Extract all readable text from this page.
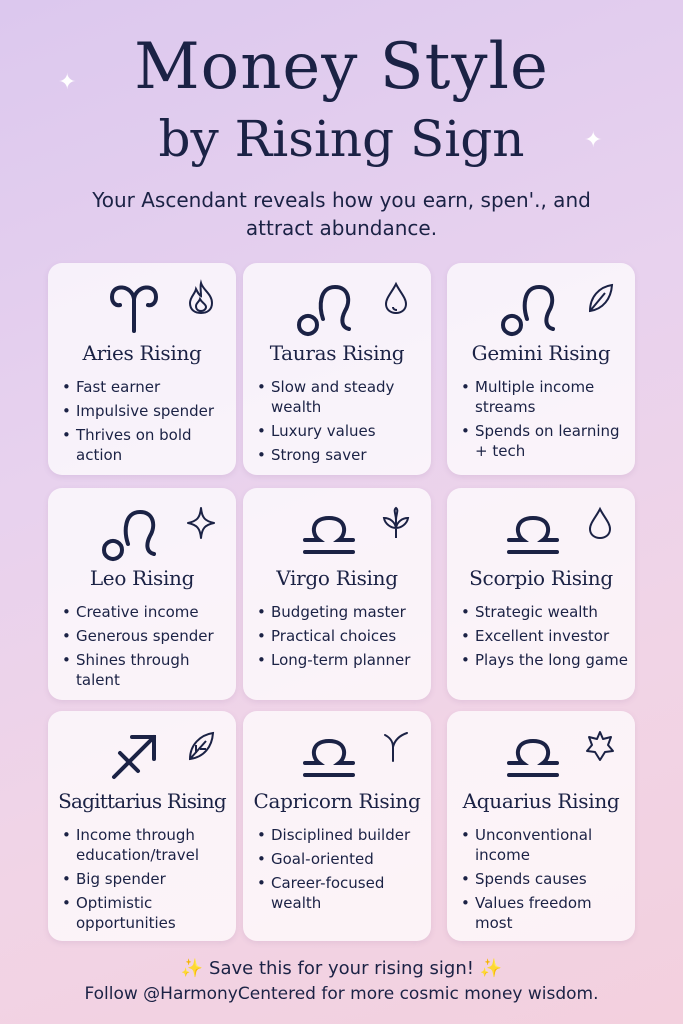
✦
✦
Money Style
by Rising Sign
Your Ascendant reveals how you earn, spen'., and attract abundance.
Aries Rising
• Fast earner
• Impulsive spender
• Thrives on bold action
Tauras Rising
• Slow and steady wealth
• Luxury values
• Strong saver
Gemini Rising
• Multiple income streams
• Spends on learning + tech
Leo Rising
• Creative income
• Generous spender
• Shines through talent
Virgo Rising
• Budgeting master
• Practical choices
• Long-term planner
Scorpio Rising
• Strategic wealth
• Excellent investor
• Plays the long game
Sagittarius Rising
• Income through education/travel
• Big spender
• Optimistic opportunities
Capricorn Rising
• Disciplined builder
• Goal-oriented
• Career-focused wealth
Aquarius Rising
• Unconventional income
• Spends causes
• Values freedom most
✨ Save this for your rising sign! ✨
Follow @HarmonyCentered for more cosmic money wisdom.
